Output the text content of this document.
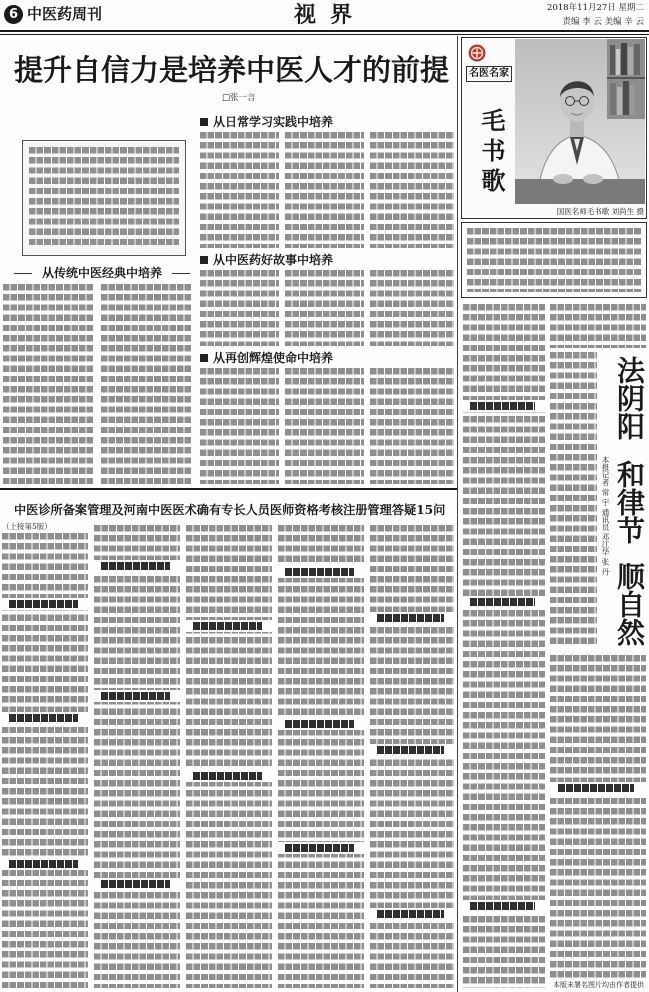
6 中医药周刊	视界	2018年11月27日 星期二
责编 李 云 美编 辛 云
提升自信力是培养中医人才的前提
□张一言
从日常学习实践中培养
从传统中医经典中培养
从中医药好故事中培养
从再创辉煌使命中培养
中医诊所备案管理及河南中医医术确有专长人员医师资格考核注册管理答疑15问
（上接第5版）
名医名家
毛书歌
国医名师毛书歌 刘尚生 摄
法阴阳
和律节
顺自然
本报记者 常 宇 通讯员 邓江华 张 丹
本版未署名图片均由作者提供
